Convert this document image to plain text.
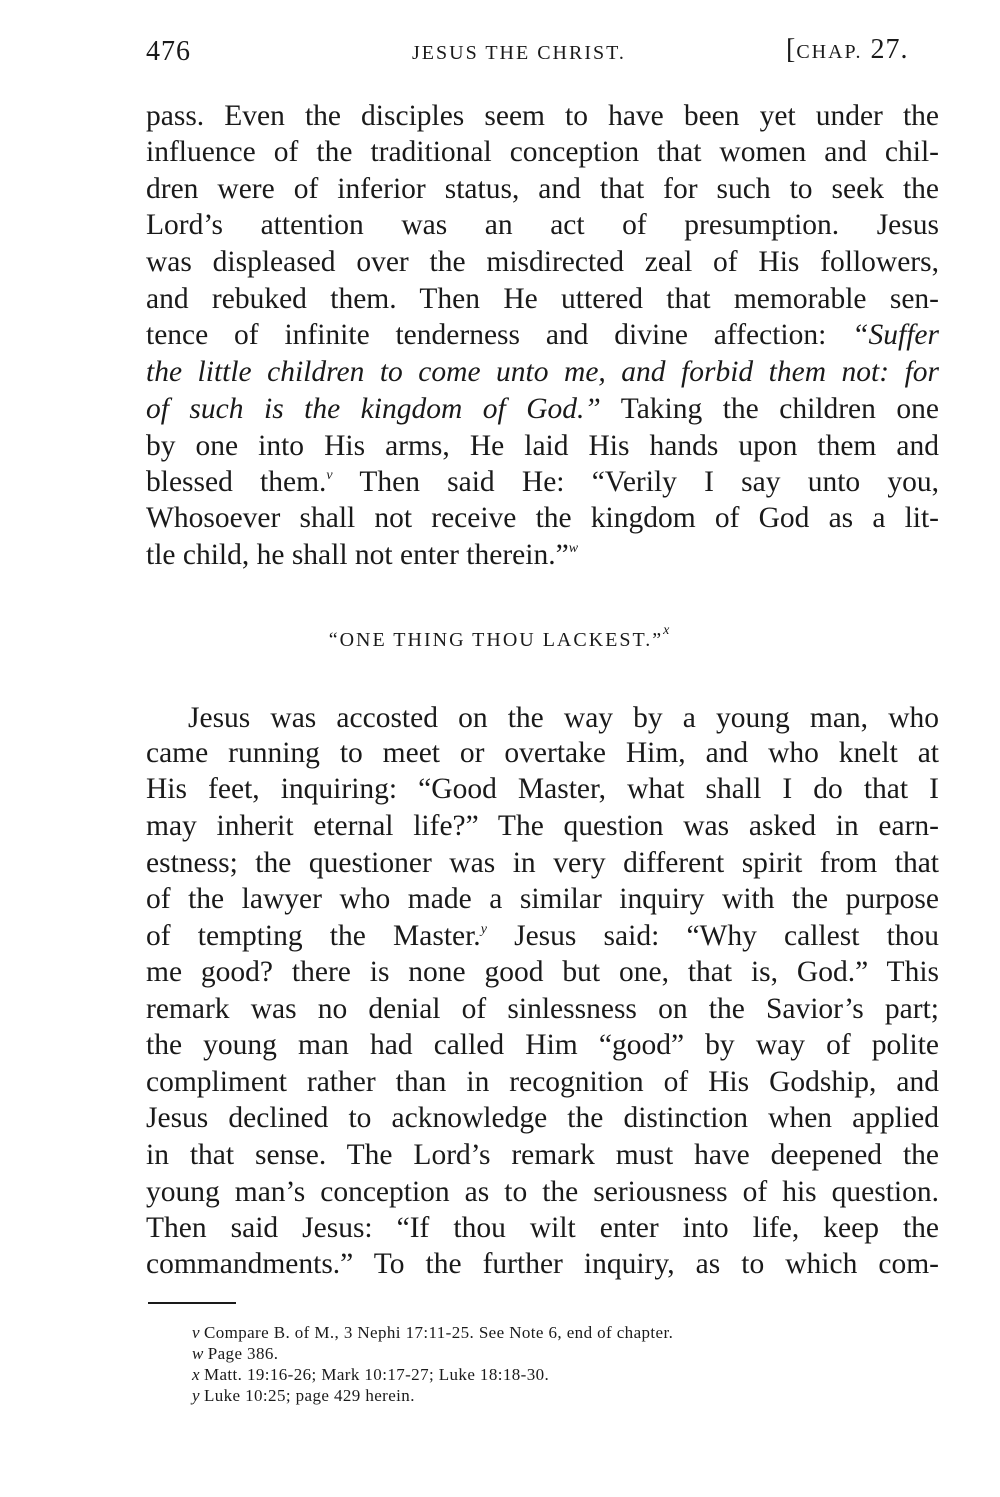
476	JESUS THE CHRIST.	[CHAP. 27.
pass. Even the disciples seem to have been yet under the
influence of the traditional conception that women and chil-
dren were of inferior status, and that for such to seek the
Lord’s attention was an act of presumption. Jesus
was displeased over the misdirected zeal of His followers,
and rebuked them. Then He uttered that memorable sen-
tence of infinite tenderness and divine affection: “Suffer
the little children to come unto me, and forbid them not: for
of such is the kingdom of God.” Taking the children one
by one into His arms, He laid His hands upon them and
blessed them.$^v$ Then said He: “Verily I say unto you,
Whosoever shall not receive the kingdom of God as a lit-
tle child, he shall not enter therein.”$^w$
“ONE THING THOU LACKEST.”$^x$
Jesus was accosted on the way by a young man, who
came running to meet or overtake Him, and who knelt at
His feet, inquiring: “Good Master, what shall I do that I
may inherit eternal life?” The question was asked in earn-
estness; the questioner was in very different spirit from that
of the lawyer who made a similar inquiry with the purpose
of tempting the Master.$^y$ Jesus said: “Why callest thou
me good? there is none good but one, that is, God.” This
remark was no denial of sinlessness on the Savior’s part;
the young man had called Him “good” by way of polite
compliment rather than in recognition of His Godship, and
Jesus declined to acknowledge the distinction when applied
in that sense. The Lord’s remark must have deepened the
young man’s conception as to the seriousness of his question.
Then said Jesus: “If thou wilt enter into life, keep the
commandments.” To the further inquiry, as to which com-
v Compare B. of M., 3 Nephi 17:11-25. See Note 6, end of chapter.
w Page 386.
x Matt. 19:16-26; Mark 10:17-27; Luke 18:18-30.
y Luke 10:25; page 429 herein.
